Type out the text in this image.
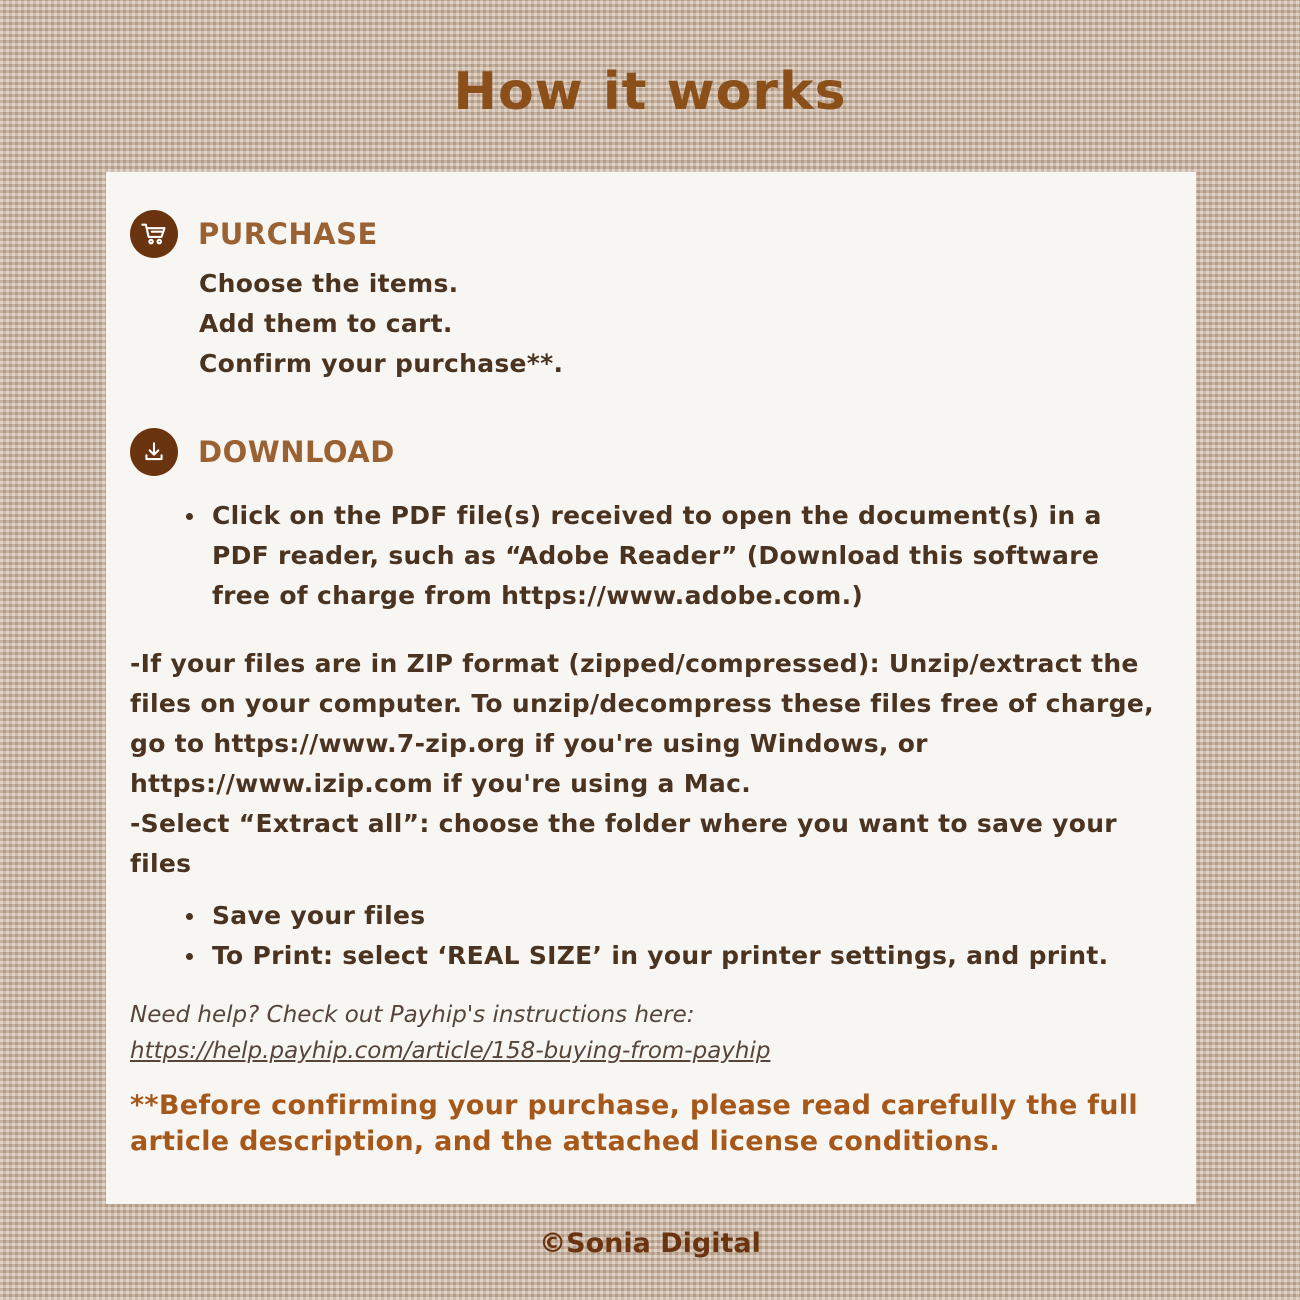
How it works
PURCHASE
Choose the items.
Add them to cart.
Confirm your purchase**.
DOWNLOAD
Click on the PDF file(s) received to open the document(s) in a PDF reader, such as “Adobe Reader” (Download this software free of charge from https://www.adobe.com.)
-If your files are in ZIP format (zipped/compressed): Unzip/extract the files on your computer. To unzip/decompress these files free of charge, go to https://www.7-zip.org if you're using Windows, or https://www.izip.com if you're using a Mac.
-Select “Extract all”: choose the folder where you want to save your files
Save your files
To Print: select ‘REAL SIZE’ in your printer settings, and print.
Need help? Check out Payhip's instructions here:
https://help.payhip.com/article/158-buying-from-payhip
**Before confirming your purchase, please read carefully the full article description, and the attached license conditions.
©Sonia Digital
